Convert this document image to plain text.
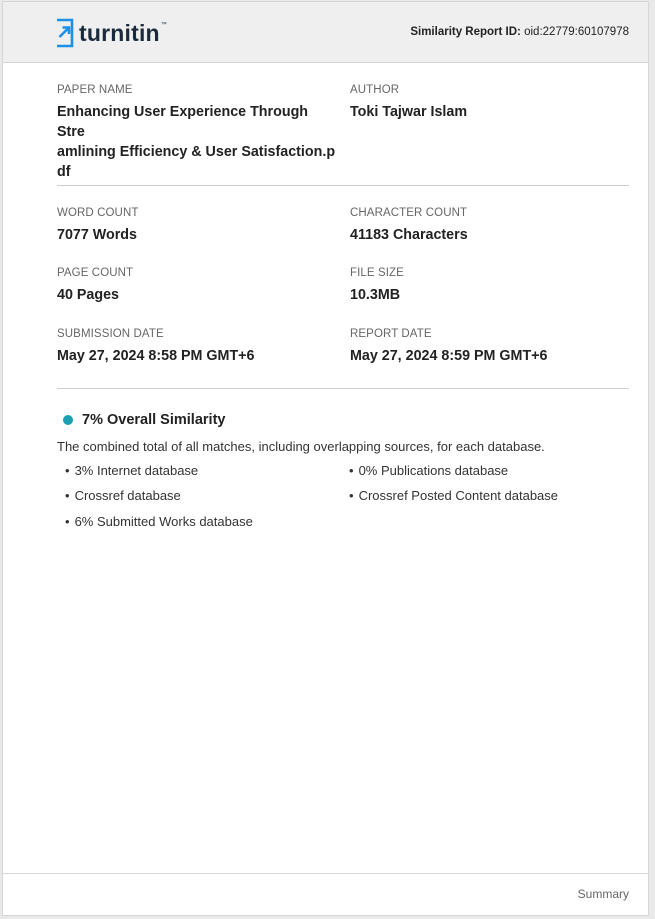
turnitin™
Similarity Report ID: oid:22779:60107978
PAPER NAME
Enhancing User Experience Through Stre
amlining Efficiency & User Satisfaction.p
df
AUTHOR
Toki Tajwar Islam
WORD COUNT
7077 Words
CHARACTER COUNT
41183 Characters
PAGE COUNT
40 Pages
FILE SIZE
10.3MB
SUBMISSION DATE
May 27, 2024 8:58 PM GMT+6
REPORT DATE
May 27, 2024 8:59 PM GMT+6
7% Overall Similarity
The combined total of all matches, including overlapping sources, for each database.
• 3% Internet database
• Crossref database
• 6% Submitted Works database
• 0% Publications database
• Crossref Posted Content database
Summary
